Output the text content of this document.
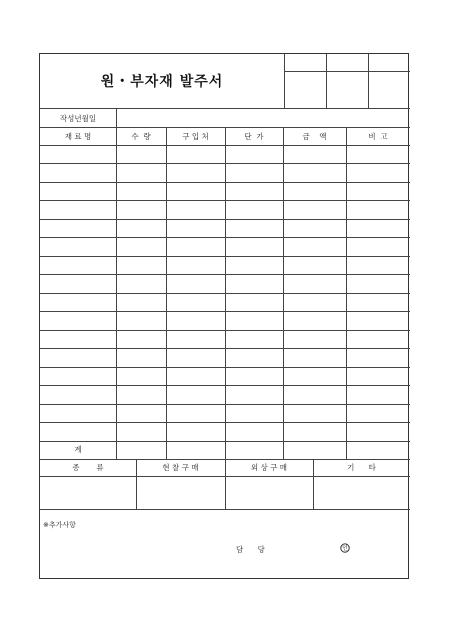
원・부자재 발주서
작성년월일
재 료 명	수  량	구 입 처	단  가	금    액	비  고
계
종       류	현 찰 구 매	외 상 구 매	기      타
※추가사항
담 당	인
